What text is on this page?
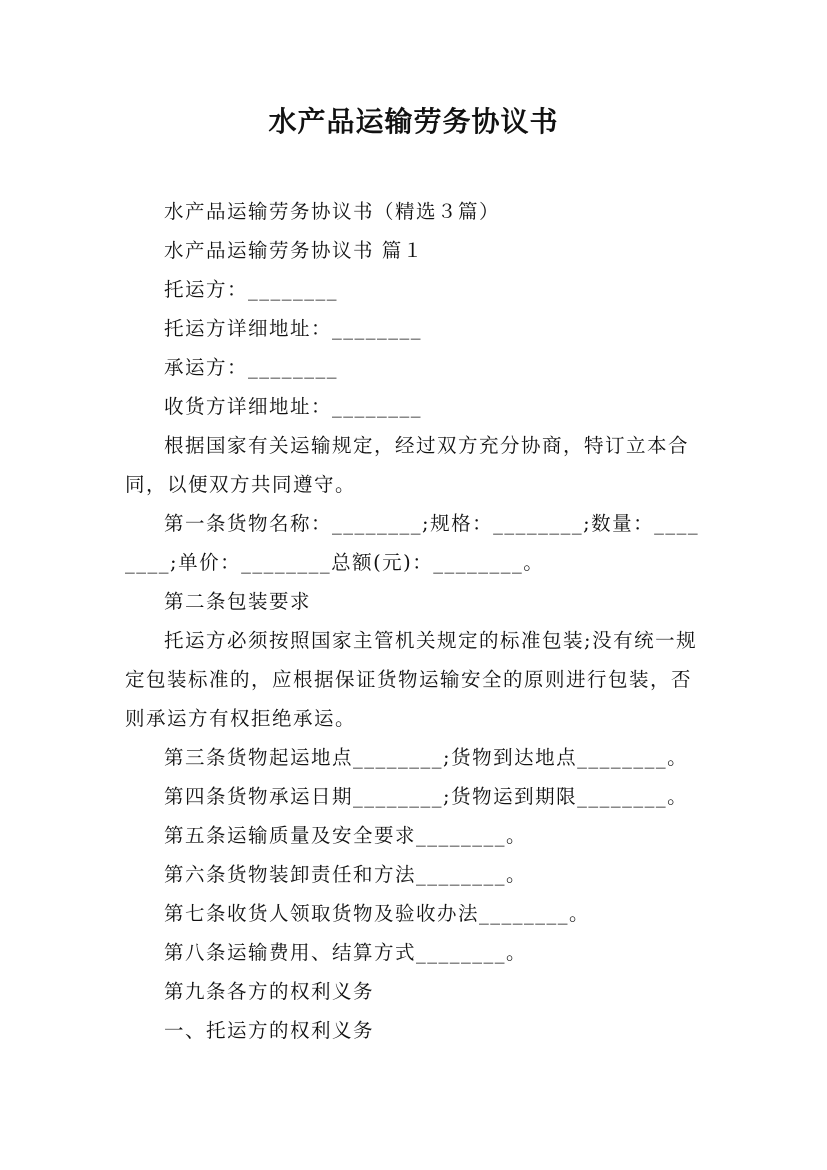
水产品运输劳务协议书

水产品运输劳务协议书（精选３篇）

水产品运输劳务协议书 篇１

托运方：________

托运方详细地址：________

承运方：________

收货方详细地址：________

根据国家有关运输规定，经过双方充分协商，特订立本合同，以便双方共同遵守。

第一条货物名称：________;规格：________;数量：________;单价：________总额(元)：________。

第二条包装要求

托运方必须按照国家主管机关规定的标准包装;没有统一规定包装标准的，应根据保证货物运输安全的原则进行包装，否则承运方有权拒绝承运。

第三条货物起运地点________;货物到达地点________。

第四条货物承运日期________;货物运到期限________。

第五条运输质量及安全要求________。

第六条货物装卸责任和方法________。

第七条收货人领取货物及验收办法________。

第八条运输费用、结算方式________。

第九条各方的权利义务

一、托运方的权利义务
